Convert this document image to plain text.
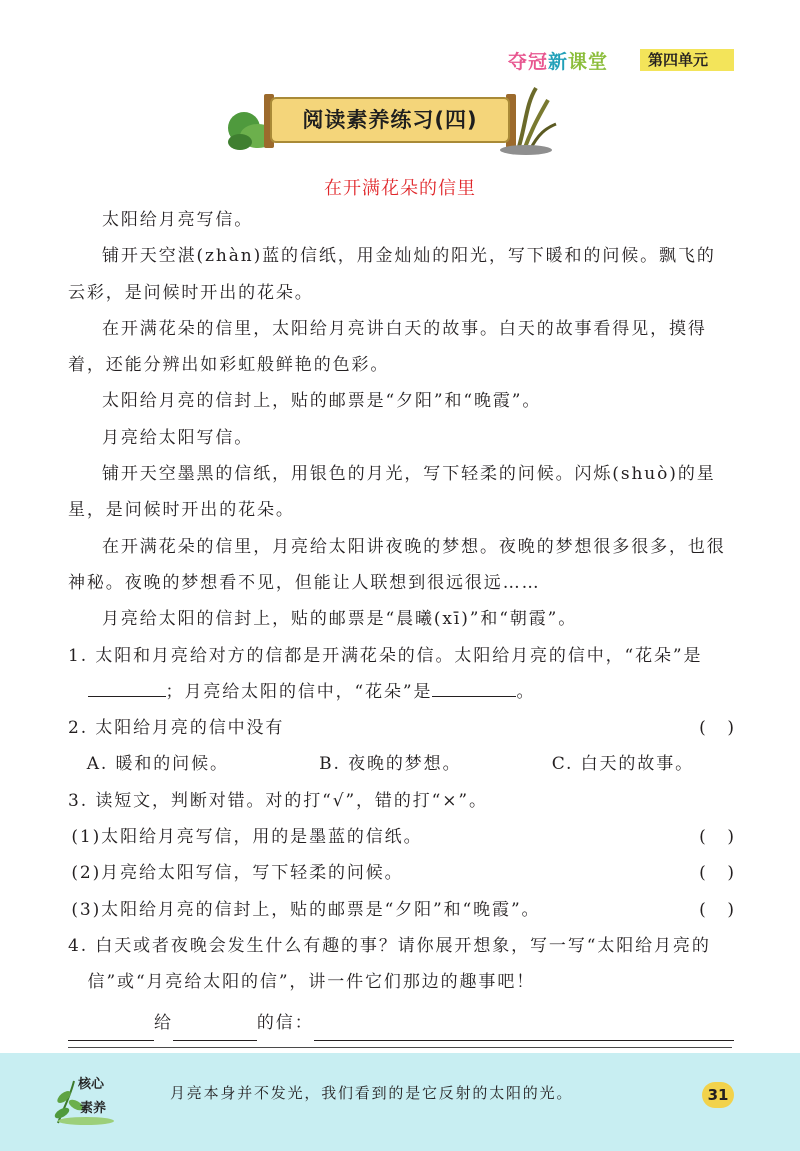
夺冠新课堂	第四单元
阅读素养练习(四)
在开满花朵的信里

太阳给月亮写信。

铺开天空湛(zhàn)蓝的信纸，用金灿灿的阳光，写下暖和的问候。飘飞的云彩，是问候时开出的花朵。

在开满花朵的信里，太阳给月亮讲白天的故事。白天的故事看得见，摸得着，还能分辨出如彩虹般鲜艳的色彩。

太阳给月亮的信封上，贴的邮票是“夕阳”和“晚霞”。

月亮给太阳写信。

铺开天空墨黑的信纸，用银色的月光，写下轻柔的问候。闪烁(shuò)的星星，是问候时开出的花朵。

在开满花朵的信里，月亮给太阳讲夜晚的梦想。夜晚的梦想很多很多，也很神秘。夜晚的梦想看不见，但能让人联想到很远很远……

月亮给太阳的信封上，贴的邮票是“晨曦(xī)”和“朝霞”。

1. 太阳和月亮给对方的信都是开满花朵的信。太阳给月亮的信中，“花朵”是；月亮给太阳的信中，“花朵”是	。

2. 太阳给月亮的信中没有	(    )

A. 暖和的问候。	B. 夜晚的梦想。	C. 白天的故事。

3. 读短文，判断对错。对的打“√”，错的打“×”。

(1)太阳给月亮写信，用的是墨蓝的信纸。	(    )

(2)月亮给太阳写信，写下轻柔的问候。	(    )

(3)太阳给月亮的信封上，贴的邮票是“夕阳”和“晚霞”。	(    )

4. 白天或者夜晚会发生什么有趣的事？请你展开想象，写一写“太阳给月亮的信”或“月亮给太阳的信”，讲一件它们那边的趣事吧！

给	的信：
核心
素养
月亮本身并不发光，我们看到的是它反射的太阳的光。	31
